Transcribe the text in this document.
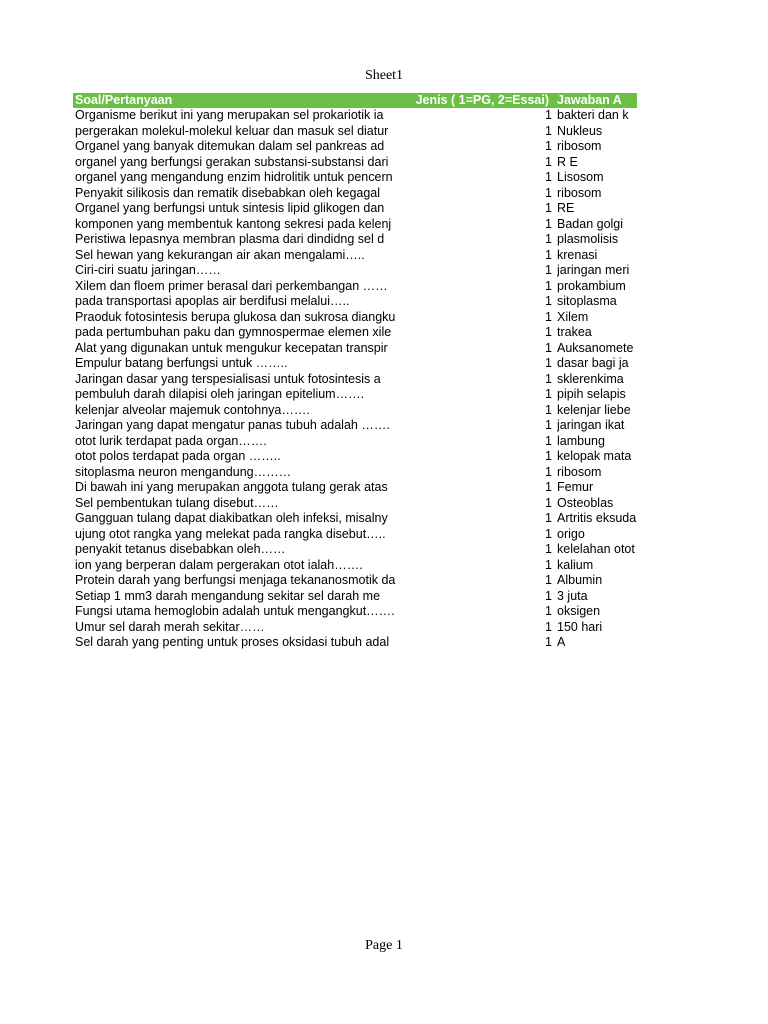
Sheet1
Soal/Pertanyaan	Jenis ( 1=PG, 2=Essai) Jawaban A
Organisme berikut ini yang merupakan sel prokariotik ia	1 bakteri dan k
pergerakan molekul-molekul keluar dan masuk sel diatur	1 Nukleus
Organel yang banyak ditemukan dalam sel pankreas ad	1 ribosom
organel yang berfungsi gerakan substansi-substansi dari	1 R E
organel yang mengandung enzim hidrolitik untuk pencern	1 Lisosom
Penyakit silikosis dan rematik disebabkan oleh kegagal	1 ribosom
Organel yang berfungsi untuk sintesis lipid glikogen dan	1 RE
komponen yang membentuk kantong sekresi pada kelenj	1 Badan golgi
Peristiwa lepasnya membran plasma dari dindidng sel d	1 plasmolisis
Sel hewan yang kekurangan air akan mengalami…..	1 krenasi
Ciri-ciri suatu jaringan……	1 jaringan meri
Xilem dan floem primer berasal dari perkembangan ……	1 prokambium
pada transportasi apoplas air berdifusi melalui…..	1 sitoplasma
Praoduk fotosintesis berupa glukosa dan sukrosa diangku	1 Xilem
pada pertumbuhan paku dan gymnospermae elemen xile	1 trakea
Alat yang digunakan untuk mengukur kecepatan transpir	1 Auksanomete
Empulur batang berfungsi untuk ……..	1 dasar bagi ja
Jaringan dasar yang terspesialisasi untuk fotosintesis a	1 sklerenkima
pembuluh darah dilapisi oleh jaringan epitelium…….	1 pipih selapis
kelenjar alveolar majemuk contohnya…….	1 kelenjar liebe
Jaringan yang dapat mengatur panas tubuh adalah …….	1 jaringan ikat
otot lurik terdapat pada organ…….	1 lambung
otot polos terdapat pada organ ……..	1 kelopak mata
sitoplasma neuron mengandung………	1 ribosom
Di bawah ini yang merupakan anggota tulang gerak atas	1 Femur
Sel pembentukan tulang disebut……	1 Osteoblas
Gangguan tulang dapat diakibatkan oleh infeksi, misalny	1 Artritis eksuda
ujung otot rangka yang melekat pada rangka disebut…..	1 origo
penyakit tetanus disebabkan oleh……	1 kelelahan otot
ion yang berperan dalam pergerakan otot ialah…….	1 kalium
Protein darah yang berfungsi menjaga tekananosmotik da	1 Albumin
Setiap 1 mm3 darah mengandung sekitar sel darah me	1 3 juta
Fungsi utama hemoglobin adalah untuk mengangkut…….	1 oksigen
Umur sel darah merah sekitar……	1 150 hari
Sel darah yang penting untuk proses oksidasi tubuh adal	1 A
Page 1
